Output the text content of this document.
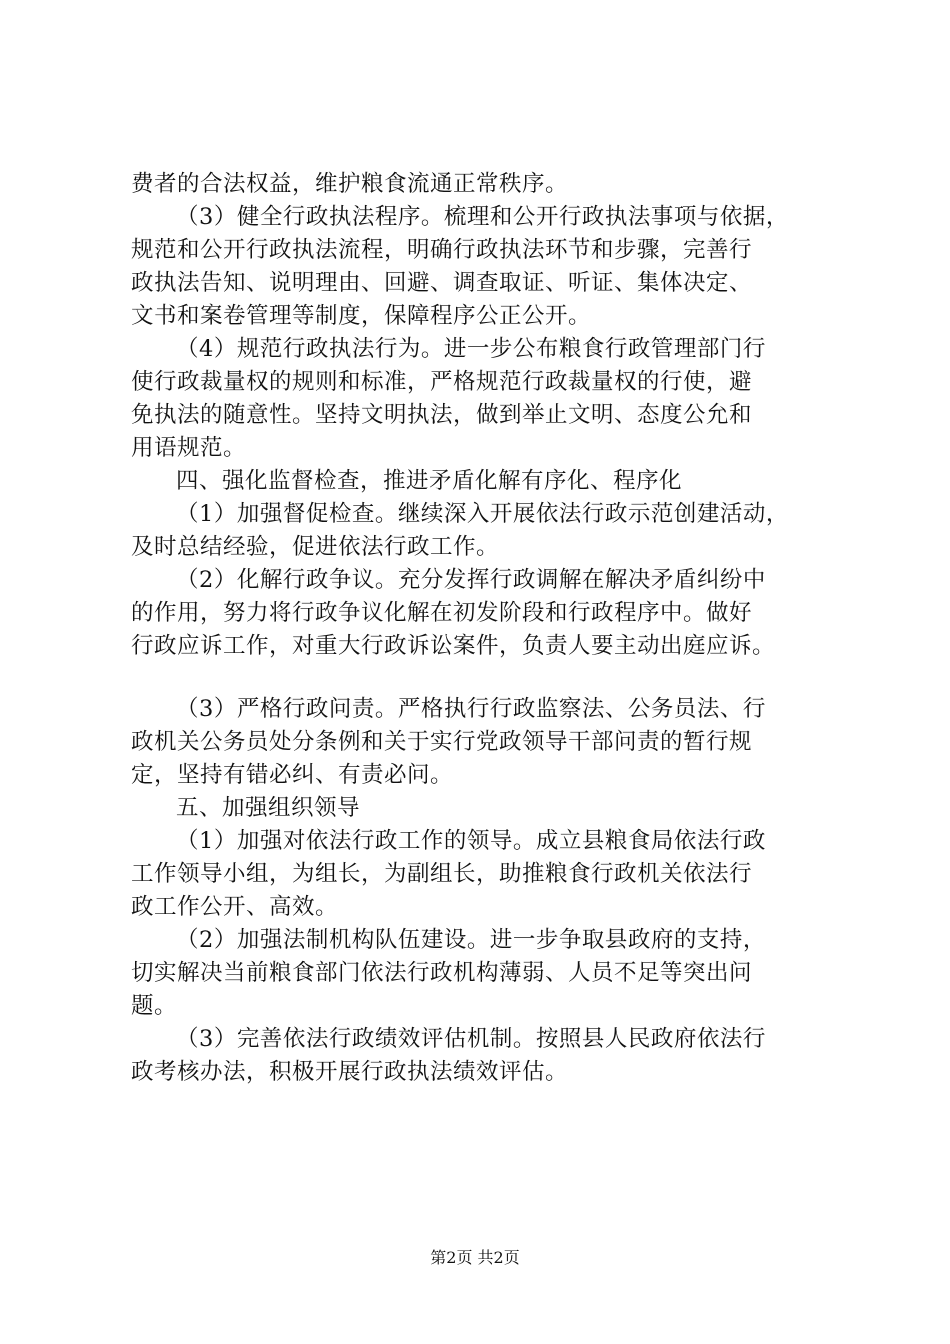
费者的合法权益，维护粮食流通正常秩序。
（3）健全行政执法程序。梳理和公开行政执法事项与依据，
规范和公开行政执法流程，明确行政执法环节和步骤，完善行
政执法告知、说明理由、回避、调查取证、听证、集体决定、
文书和案卷管理等制度，保障程序公正公开。
（4）规范行政执法行为。进一步公布粮食行政管理部门行
使行政裁量权的规则和标准，严格规范行政裁量权的行使，避
免执法的随意性。坚持文明执法，做到举止文明、态度公允和
用语规范。
四、强化监督检查，推进矛盾化解有序化、程序化
（1）加强督促检查。继续深入开展依法行政示范创建活动，
及时总结经验，促进依法行政工作。
（2）化解行政争议。充分发挥行政调解在解决矛盾纠纷中
的作用，努力将行政争议化解在初发阶段和行政程序中。做好
行政应诉工作，对重大行政诉讼案件，负责人要主动出庭应诉。
（3）严格行政问责。严格执行行政监察法、公务员法、行
政机关公务员处分条例和关于实行党政领导干部问责的暂行规
定，坚持有错必纠、有责必问。
五、加强组织领导
（1）加强对依法行政工作的领导。成立县粮食局依法行政
工作领导小组，为组长，为副组长，助推粮食行政机关依法行
政工作公开、高效。
（2）加强法制机构队伍建设。进一步争取县政府的支持，
切实解决当前粮食部门依法行政机构薄弱、人员不足等突出问
题。
（3）完善依法行政绩效评估机制。按照县人民政府依法行
政考核办法，积极开展行政执法绩效评估。
第2页 共2页
